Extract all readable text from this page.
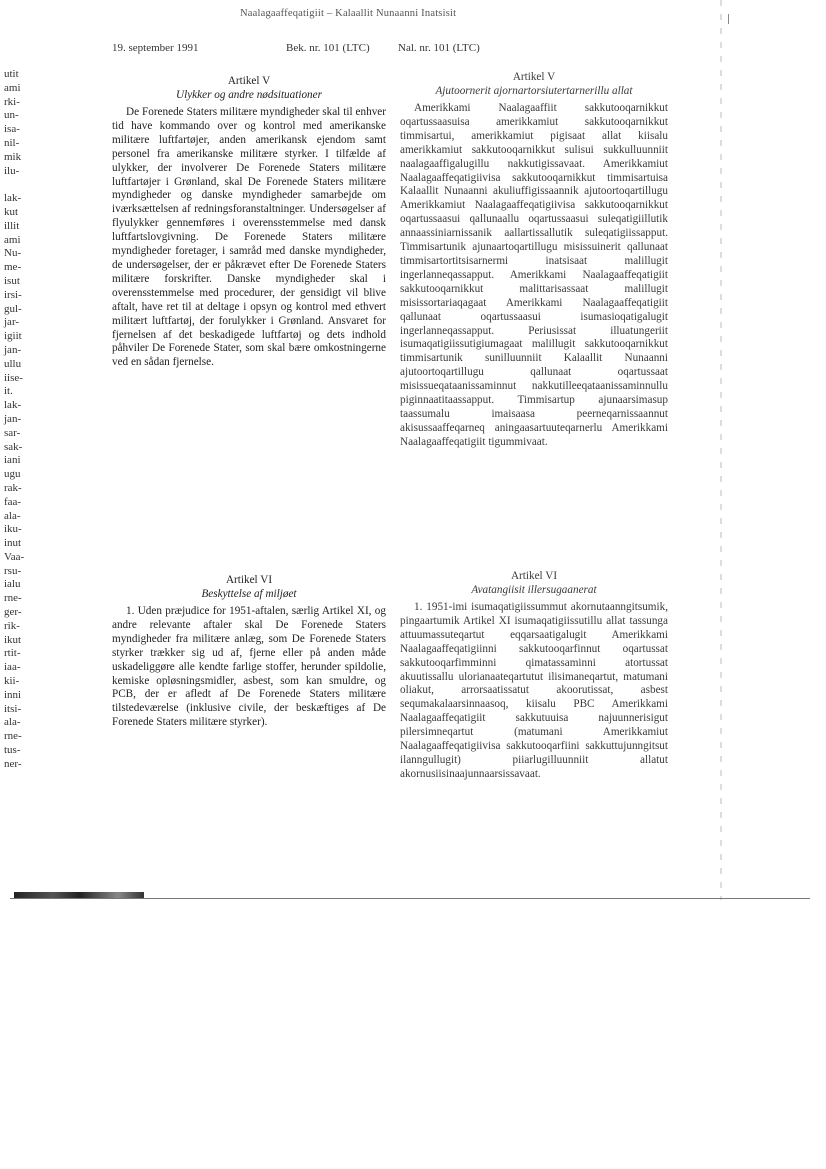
Naalagaaffeqatigiit – Kalaallit Nunaanni Inatsisit
19. september 1991	Bek. nr. 101 (LTC)	Nal. nr. 101 (LTC)
utit
ami
rki-
un-
isa-
nil-
mik
ilu-

lak-
kut
illit
ami
Nu-
me-
isut
irsi-
gul-
jar-
igiit
jan-
ullu
iise-
it.
lak-
jan-
sar-
sak-
iani
ugu
rak-
faa-
ala-
iku-
inut
Vaa-
rsu-
ialu
rne-
ger-
rik-
ikut
rtit-
iaa-
kii-
inni
itsi-
ala-
rne-
tus-
ner-
Artikel V
Ulykker og andre nødsituationer

De Forenede Staters militære myndigheder skal til enhver tid have kommando over og kontrol med amerikanske militære luftfartøjer, anden amerikansk ejendom samt personel fra amerikanske militære styrker. I tilfælde af ulykker, der involverer De Forenede Staters militære luftfartøjer i Grønland, skal De Forenede Staters militære myndigheder og danske myndigheder samarbejde om iværksættelsen af redningsforanstaltninger. Undersøgelser af flyulykker gennemføres i overensstemmelse med dansk luftfartslovgivning. De Forenede Staters militære myndigheder foretager, i samråd med danske myndigheder, de undersøgelser, der er påkrævet efter De Forenede Staters militære forskrifter. Danske myndigheder skal i overensstemmelse med procedurer, der gensidigt vil blive aftalt, have ret til at deltage i opsyn og kontrol med ethvert militært luftfartøj, der forulykker i Grønland. Ansvaret for fjernelsen af det beskadigede luftfartøj og dets indhold påhviler De Forenede Stater, som skal bære omkostningerne ved en sådan fjernelse.

Artikel VI
Beskyttelse af miljøet

1. Uden præjudice for 1951-aftalen, særlig Artikel XI, og andre relevante aftaler skal De Forenede Staters myndigheder fra militære anlæg, som De Forenede Staters styrker trækker sig ud af, fjerne eller på anden måde uskadeliggøre alle kendte farlige stoffer, herunder spildolie, kemiske opløsningsmidler, asbest, som kan smuldre, og PCB, der er afledt af De Forenede Staters militære tilstedeværelse (inklusive civile, der beskæftiges af De Forenede Staters militære styrker).

Artikel V
Ajutoornerit ajornartorsiutertarnerillu allat

Amerikkami Naalagaaffiit sakkutooqarnikkut oqartussaasuisa amerikkamiut sakkutooqarnikkut timmisartui, amerikkamiut pigisaat allat kiisalu amerikkamiut sakkutooqarnikkut sulisui sukkulluunniit naalagaaffigalugillu nakkutigissavaat. Amerikkamiut Naalagaaffeqatigiivisa sakkutooqarnikkut timmisartuisa Kalaallit Nunaanni akuliuffigissaannik ajutoortoqartillugu Amerikkamiut Naalagaaffeqatigiivisa sakkutooqarnikkut oqartussaasui qallunaallu oqartussaasui suleqatigiillutik annaassiniarnissanik aallartissallutik suleqatigiissapput. Timmisartunik ajunaartoqartillugu misissuinerit qallunaat timmisartortitsisarnermi inatsisaat malillugit ingerlanneqassapput. Amerikkami Naalagaaffeqatigiit sakkutooqarnikkut malittarisassaat malillugit misissortariaqagaat Amerikkami Naalagaaffeqatigiit qallunaat oqartussaasui isumasioqatigalugit ingerlanneqassapput. Periusissat illuatungeriit isumaqatigiissutigiumagaat malillugit sakkutooqarnikkut timmisartunik sunilluunniit Kalaallit Nunaanni ajutoortoqartillugu qallunaat oqartussaat misissueqataanissaminnut nakkutilleeqataanissaminnullu piginnaatitaassapput. Timmisartup ajunaarsimasup taassumalu imaisaasa peerneqarnissaannut akisussaaffeqarneq aningaasartuuteqarnerlu Amerikkami Naalagaaffeqatigiit tigummivaat.

Artikel VI
Avatangiisit illersugaanerat

1. 1951-imi isumaqatigiissummut akornutaanngitsumik, pingaartumik Artikel XI isumaqatigiissutillu allat tassunga attuumassuteqartut eqqarsaatigalugit Amerikkami Naalagaaffeqatigiinni sakkutooqarfinnut oqartussat sakkutooqarfimminni qimatassaminni atortussat akuutissallu ulorianaateqartutut ilisimaneqartut, matumani oliakut, arrorsaatissatut akoorutissat, asbest sequmakalaarsinnaasoq, kiisalu PBC Amerikkami Naalagaaffeqatigiit sakkutuuisa najuunnerisigut pilersimneqartut (matumani Amerikkamiut Naalagaaffeqatigiivisa sakkutooqarfiini sakkuttujunngitsut ilanngullugit) piiarlugilluunniit allatut akornusiisinaajunnaarsissavaat.
